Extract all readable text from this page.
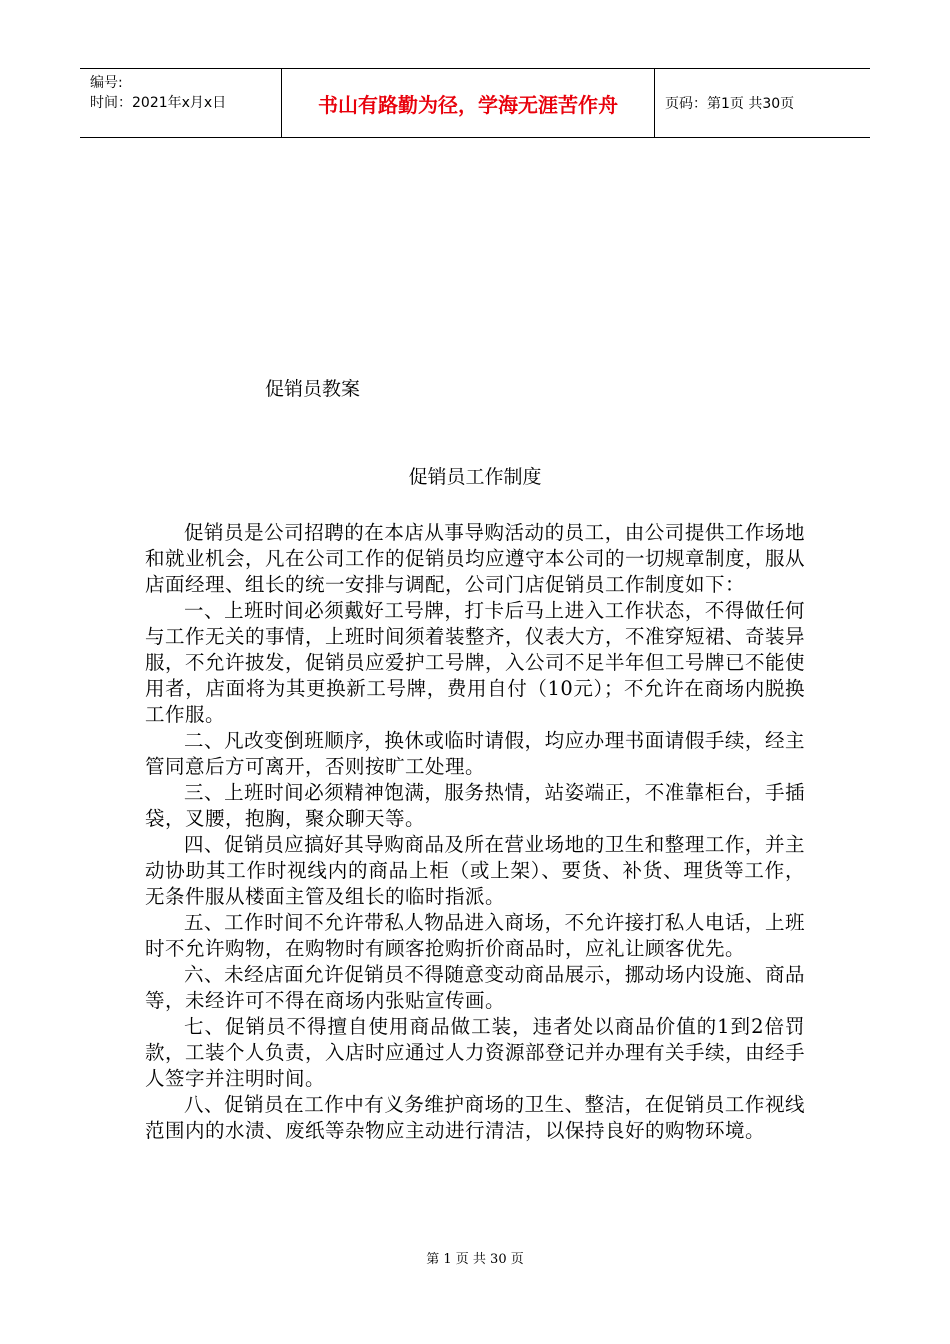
编号:
时间：2021年x月x日	书山有路勤为径，学海无涯苦作舟	页码：第1页 共30页
促销员教案
促销员工作制度

促销员是公司招聘的在本店从事导购活动的员工，由公司提供工作场地和就业机会，凡在公司工作的促销员均应遵守本公司的一切规章制度，服从店面经理、组长的统一安排与调配，公司门店促销员工作制度如下：

一、上班时间必须戴好工号牌，打卡后马上进入工作状态，不得做任何与工作无关的事情，上班时间须着装整齐，仪表大方，不准穿短裙、奇装异服，不允许披发，促销员应爱护工号牌，入公司不足半年但工号牌已不能使用者，店面将为其更换新工号牌，费用自付（10元）；不允许在商场内脱换工作服。

二、凡改变倒班顺序，换休或临时请假，均应办理书面请假手续，经主管同意后方可离开，否则按旷工处理。

三、上班时间必须精神饱满，服务热情，站姿端正，不准靠柜台，手插袋，叉腰，抱胸，聚众聊天等。

四、促销员应搞好其导购商品及所在营业场地的卫生和整理工作，并主动协助其工作时视线内的商品上柜（或上架）、要货、补货、理货等工作，无条件服从楼面主管及组长的临时指派。

五、工作时间不允许带私人物品进入商场，不允许接打私人电话，上班时不允许购物，在购物时有顾客抢购折价商品时，应礼让顾客优先。

六、未经店面允许促销员不得随意变动商品展示，挪动场内设施、商品等，未经许可不得在商场内张贴宣传画。

七、促销员不得擅自使用商品做工装，违者处以商品价值的1到2倍罚款，工装个人负责，入店时应通过人力资源部登记并办理有关手续，由经手人签字并注明时间。

八、促销员在工作中有义务维护商场的卫生、整洁，在促销员工作视线范围内的水渍、废纸等杂物应主动进行清洁，以保持良好的购物环境。

第 1 页 共 30 页
